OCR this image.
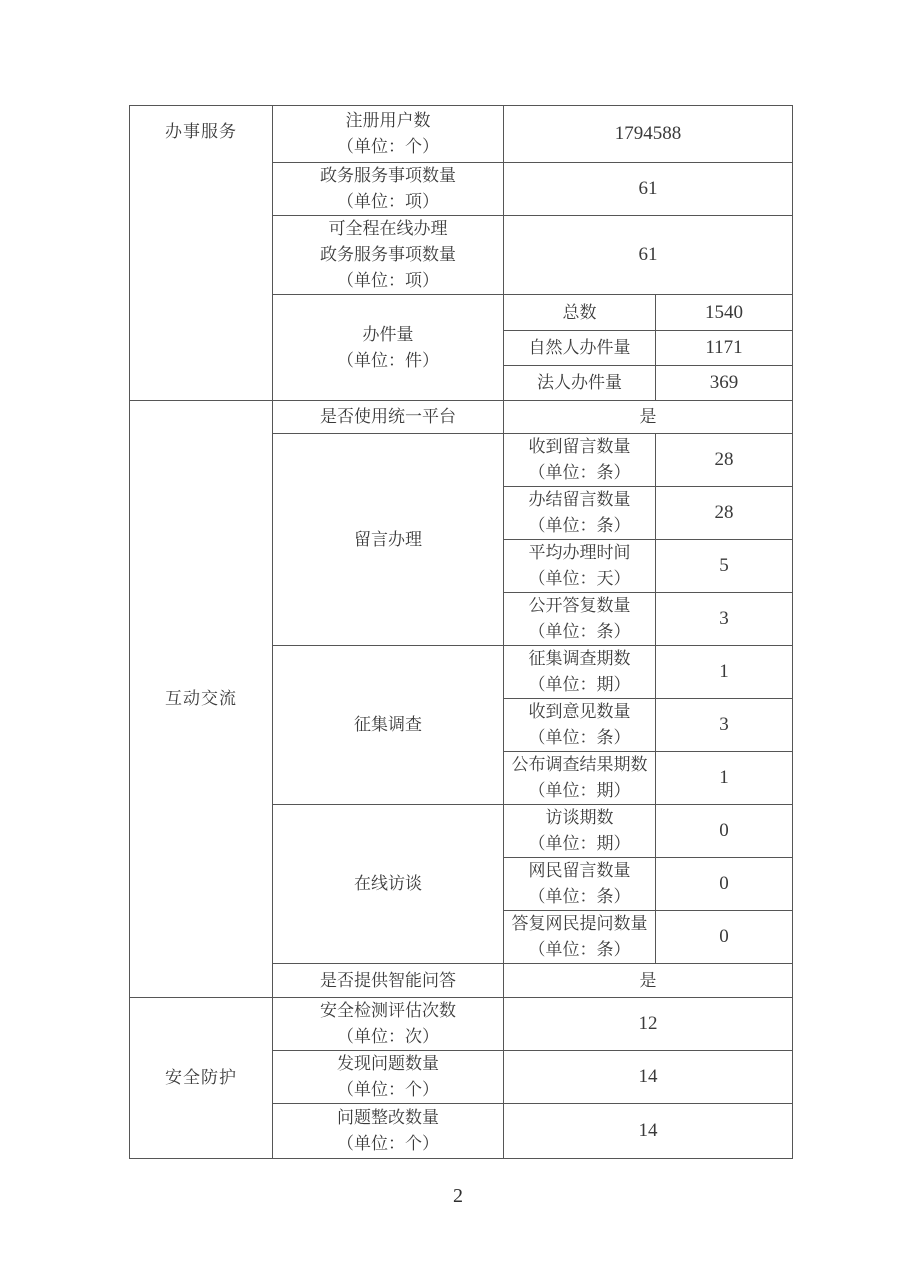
办事服务	注册用户数
（单位：个）	1794588	

	政务服务事项数量
（单位：项）	61	

	可全程在线办理
政务服务事项数量
（单位：项）	61	

	办件量
（单位：件）	总数	1540

		自然人办件量	1171

		法人办件量	369

互动交流	是否使用统一平台	是	

	留言办理	收到留言数量
（单位：条）	28

		办结留言数量
（单位：条）	28

		平均办理时间
（单位：天）	5

		公开答复数量
（单位：条）	3

	征集调查	征集调查期数
（单位：期）	1

		收到意见数量
（单位：条）	3

		公布调查结果期数
（单位：期）	1

	在线访谈	访谈期数
（单位：期）	0

		网民留言数量
（单位：条）	0

		答复网民提问数量
（单位：条）	0

	是否提供智能问答	是	

安全防护	安全检测评估次数
（单位：次）	12	

	发现问题数量
（单位：个）	14	

	问题整改数量
（单位：个）	14	
2
